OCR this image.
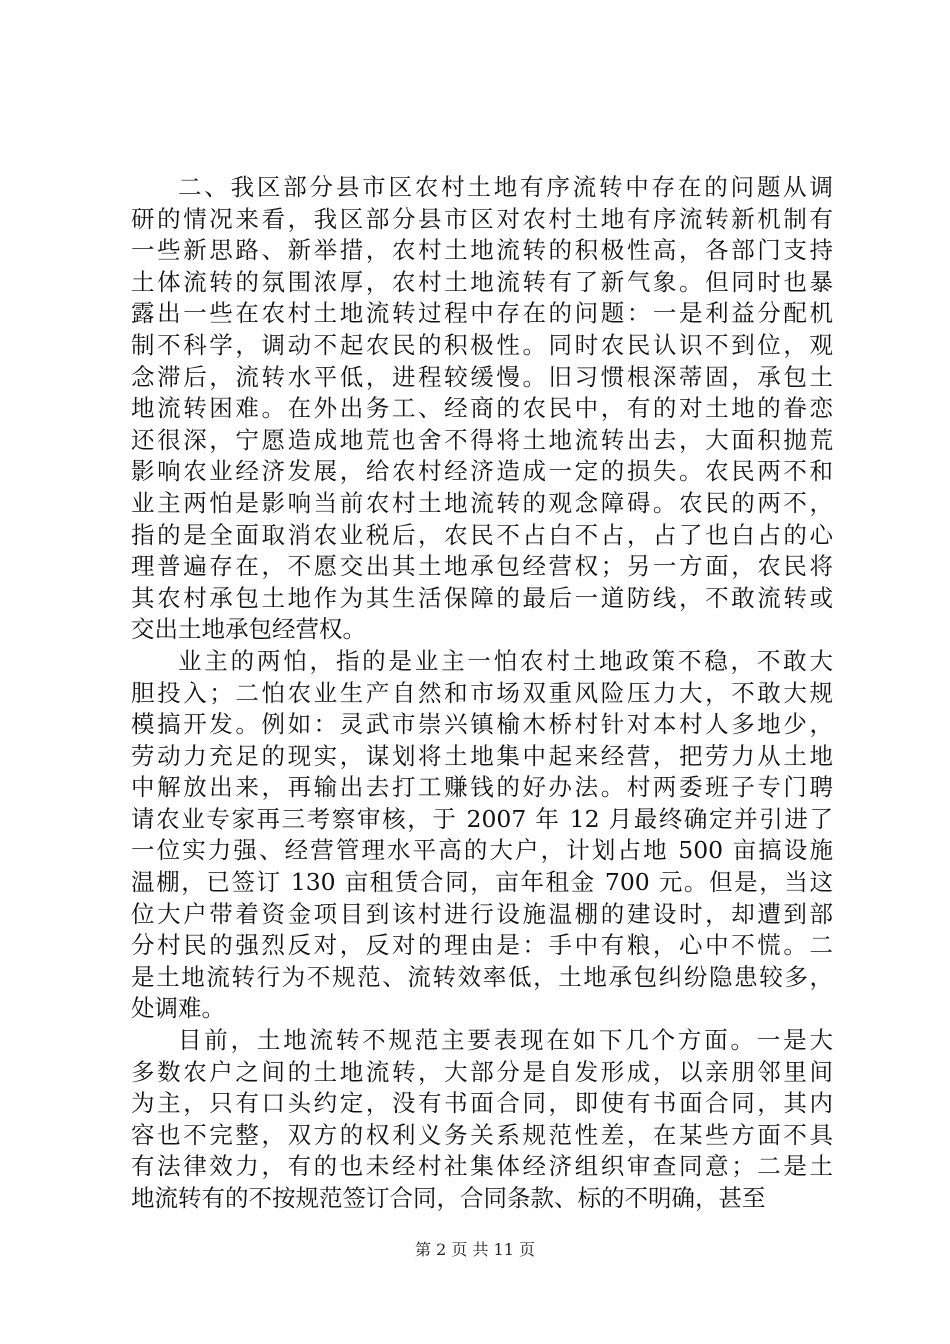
二、我区部分县市区农村土地有序流转中存在的问题从调
研的情况来看，我区部分县市区对农村土地有序流转新机制有
一些新思路、新举措，农村土地流转的积极性高，各部门支持
土体流转的氛围浓厚，农村土地流转有了新气象。但同时也暴
露出一些在农村土地流转过程中存在的问题：一是利益分配机
制不科学，调动不起农民的积极性。同时农民认识不到位，观
念滞后，流转水平低，进程较缓慢。旧习惯根深蒂固，承包土
地流转困难。在外出务工、经商的农民中，有的对土地的眷恋
还很深，宁愿造成地荒也舍不得将土地流转出去，大面积抛荒
影响农业经济发展，给农村经济造成一定的损失。农民两不和
业主两怕是影响当前农村土地流转的观念障碍。农民的两不，
指的是全面取消农业税后，农民不占白不占，占了也白占的心
理普遍存在，不愿交出其土地承包经营权；另一方面，农民将
其农村承包土地作为其生活保障的最后一道防线，不敢流转或
交出土地承包经营权。
业主的两怕，指的是业主一怕农村土地政策不稳，不敢大
胆投入；二怕农业生产自然和市场双重风险压力大，不敢大规
模搞开发。例如：灵武市崇兴镇榆木桥村针对本村人多地少，
劳动力充足的现实，谋划将土地集中起来经营，把劳力从土地
中解放出来，再输出去打工赚钱的好办法。村两委班子专门聘
请农业专家再三考察审核，于 2007 年 12 月最终确定并引进了
一位实力强、经营管理水平高的大户，计划占地 500 亩搞设施
温棚，已签订 130 亩租赁合同，亩年租金 700 元。但是，当这
位大户带着资金项目到该村进行设施温棚的建设时，却遭到部
分村民的强烈反对，反对的理由是：手中有粮，心中不慌。二
是土地流转行为不规范、流转效率低，土地承包纠纷隐患较多，
处调难。
目前，土地流转不规范主要表现在如下几个方面。一是大
多数农户之间的土地流转，大部分是自发形成，以亲朋邻里间
为主，只有口头约定，没有书面合同，即使有书面合同，其内
容也不完整，双方的权利义务关系规范性差，在某些方面不具
有法律效力，有的也未经村社集体经济组织审查同意；二是土
地流转有的不按规范签订合同，合同条款、标的不明确，甚至
第 2 页 共 11 页
